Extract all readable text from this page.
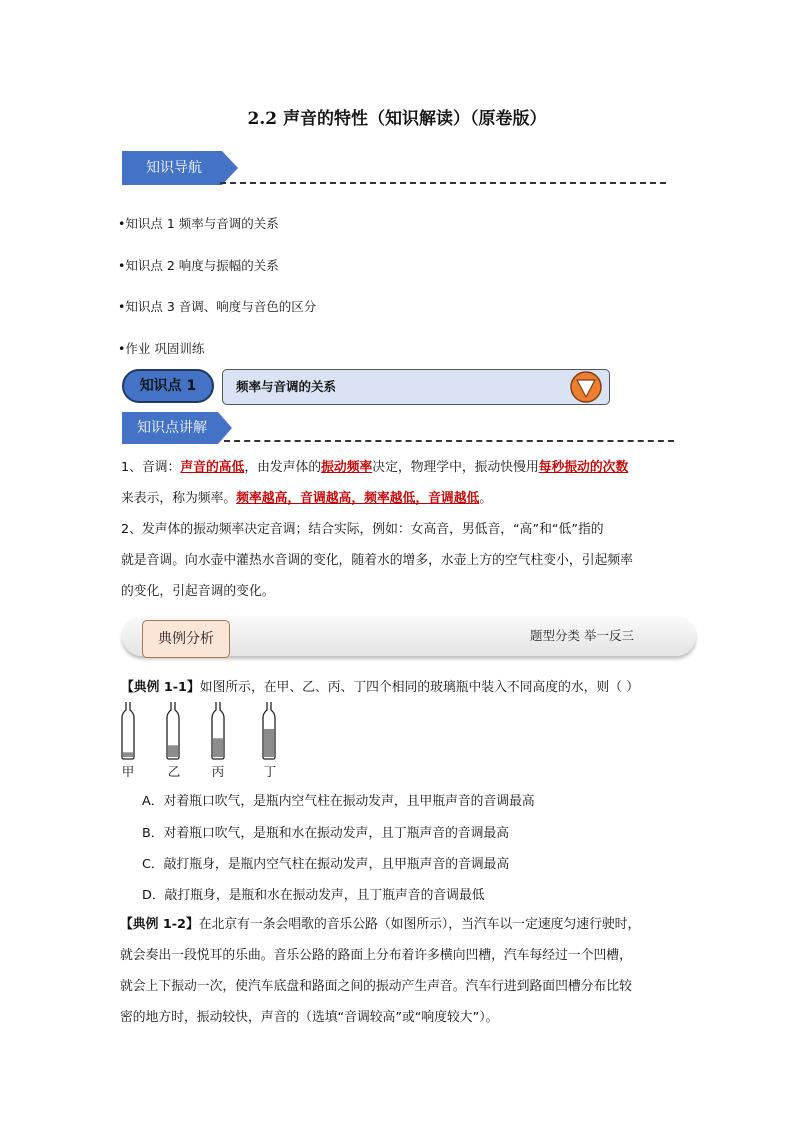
2.2 声音的特性（知识解读）（原卷版）
知识导航
•知识点 1 频率与音调的关系
•知识点 2 响度与振幅的关系
•知识点 3 音调、响度与音色的区分
•作业 巩固训练
知识点 1	频率与音调的关系
知识点讲解
1、音调：声音的高低，由发声体的振动频率决定，物理学中，振动快慢用每秒振动的次数
来表示，称为频率。频率越高，音调越高，频率越低，音调越低。
2、发声体的振动频率决定音调；结合实际，例如：女高音，男低音，“高”和“低”指的
就是音调。向水壶中灌热水音调的变化，随着水的增多，水壶上方的空气柱变小，引起频率
的变化，引起音调的变化。
典例分析	题型分类 举一反三
【典例 1-1】如图所示，在甲、乙、丙、丁四个相同的玻璃瓶中装入不同高度的水，则（ ）
甲	乙	丙	丁
A．对着瓶口吹气，是瓶内空气柱在振动发声，且甲瓶声音的音调最高
B．对着瓶口吹气，是瓶和水在振动发声，且丁瓶声音的音调最高
C．敲打瓶身，是瓶内空气柱在振动发声，且甲瓶声音的音调最高
D．敲打瓶身，是瓶和水在振动发声，且丁瓶声音的音调最低
【典例 1-2】在北京有一条会唱歌的音乐公路（如图所示），当汽车以一定速度匀速行驶时，
就会奏出一段悦耳的乐曲。音乐公路的路面上分布着许多横向凹槽，汽车每经过一个凹槽，
就会上下振动一次，使汽车底盘和路面之间的振动产生声音。汽车行进到路面凹槽分布比较
密的地方时，振动较快，声音的（选填“音调较高”或“响度较大”）。
